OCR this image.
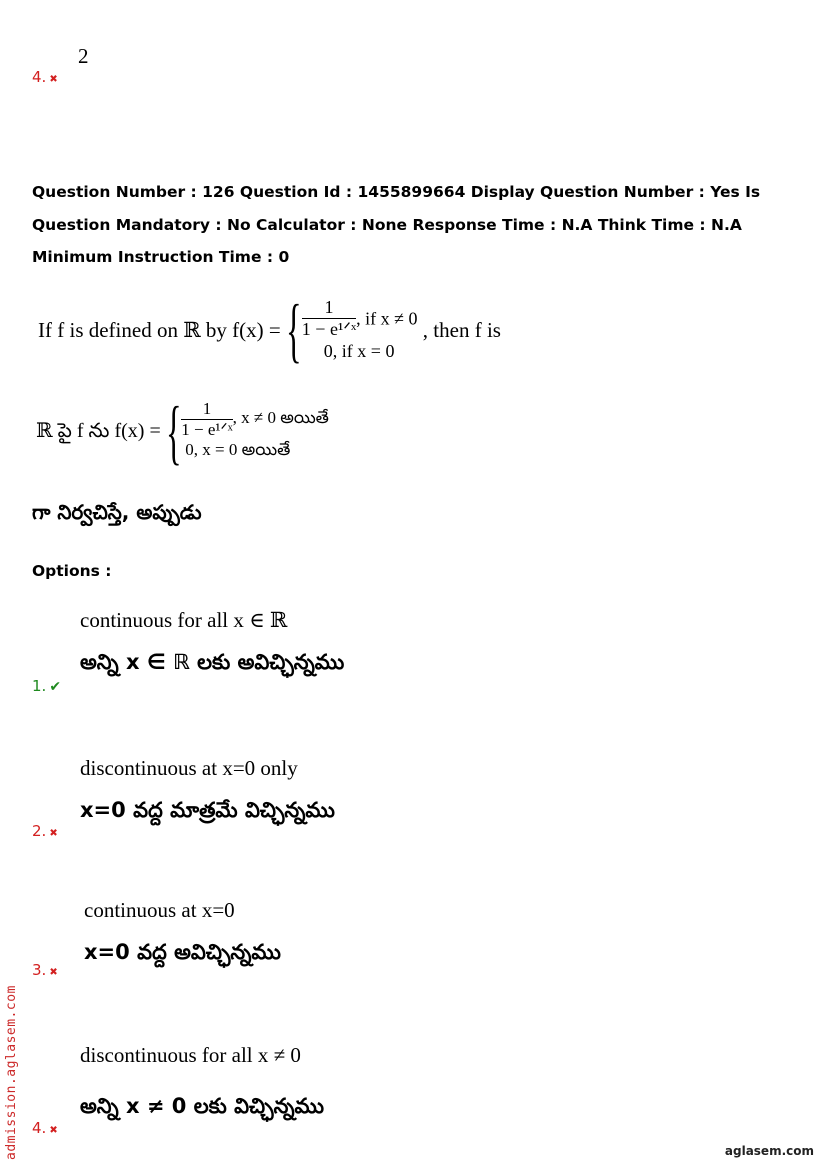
2
4. ✖
Question Number : 126 Question Id : 1455899664 Display Question Number : Yes Is Question Mandatory : No Calculator : None Response Time : N.A Think Time : N.A Minimum Instruction Time : 0
If f is defined on ℝ by f(x) = { $\frac{1}{\text{1 − e¹ᐟˣ}}$ , if x ≠ 0
0, if x = 0
, then f is
ℝ పై f ను f(x) = { $\frac{1}{\text{1 − e¹ᐟˣ}}$ , x ≠ 0 అయితే
0, x = 0 అయితే
గా నిర్వచిస్తే, అప్పుడు
Options :
continuous for all x ∈ ℝ
అన్ని x ∈ ℝ లకు అవిచ్ఛిన్నము
1. ✔
discontinuous at x=0 only
x=0 వద్ద మాత్రమే విచ్ఛిన్నము
2. ✖
continuous at x=0
x=0 వద్ద అవిచ్ఛిన్నము
3. ✖
discontinuous for all x ≠ 0
అన్ని x ≠ 0 లకు విచ్ఛిన్నము
4. ✖
admission.aglasem.com	aglasem.com
